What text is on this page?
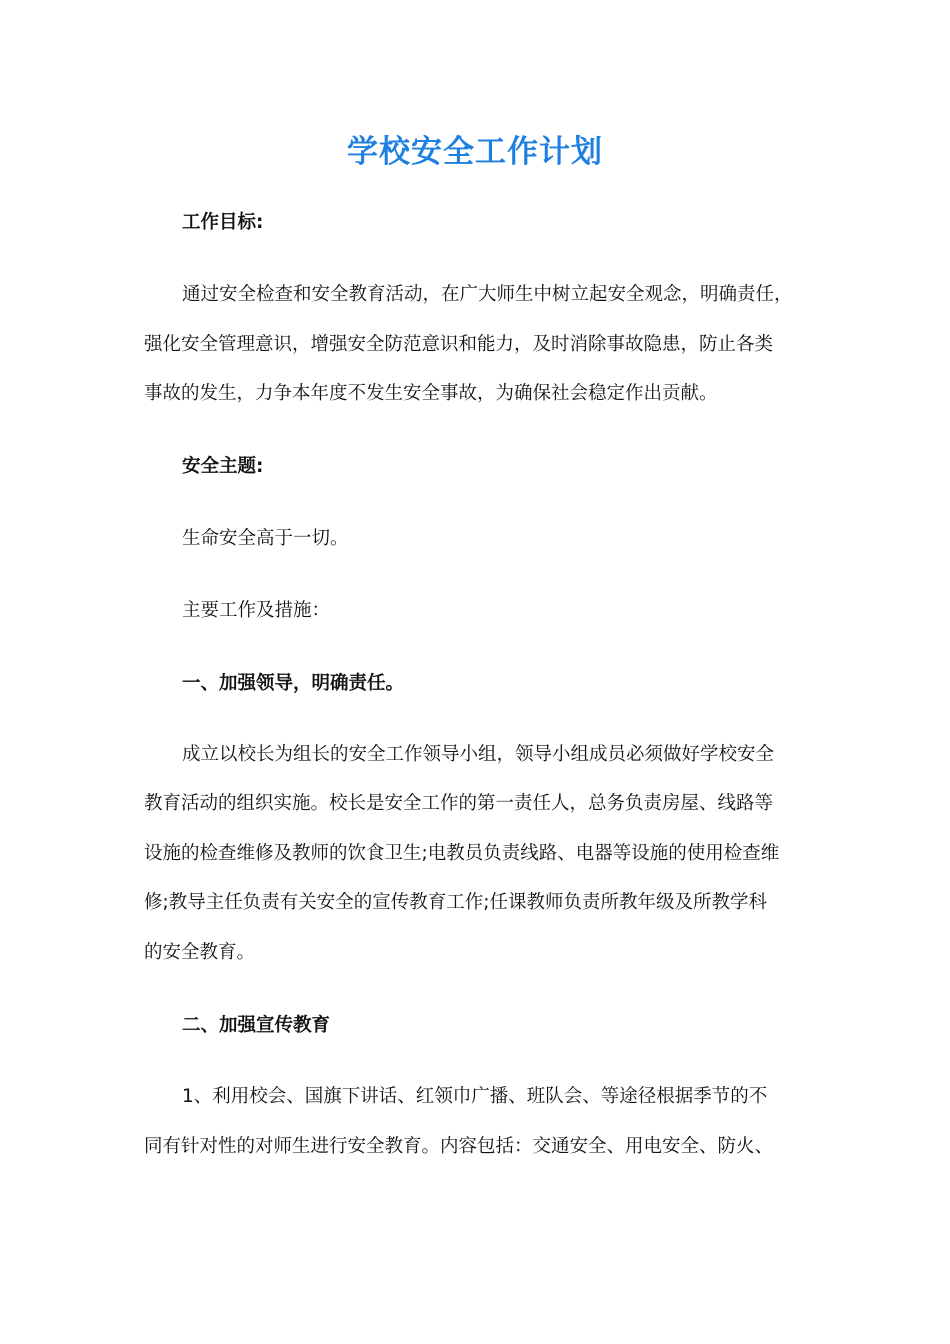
学校安全工作计划
工作目标:
通过安全检查和安全教育活动，在广大师生中树立起安全观念，明确责任，
强化安全管理意识，增强安全防范意识和能力，及时消除事故隐患，防止各类
事故的发生，力争本年度不发生安全事故，为确保社会稳定作出贡献。
安全主题:
生命安全高于一切。
主要工作及措施：
一、加强领导，明确责任。
成立以校长为组长的安全工作领导小组，领导小组成员必须做好学校安全
教育活动的组织实施。校长是安全工作的第一责任人，总务负责房屋、线路等
设施的检查维修及教师的饮食卫生;电教员负责线路、电器等设施的使用检查维
修;教导主任负责有关安全的宣传教育工作;任课教师负责所教年级及所教学科
的安全教育。
二、加强宣传教育
1、利用校会、国旗下讲话、红领巾广播、班队会、等途径根据季节的不
同有针对性的对师生进行安全教育。内容包括：交通安全、用电安全、防火、
